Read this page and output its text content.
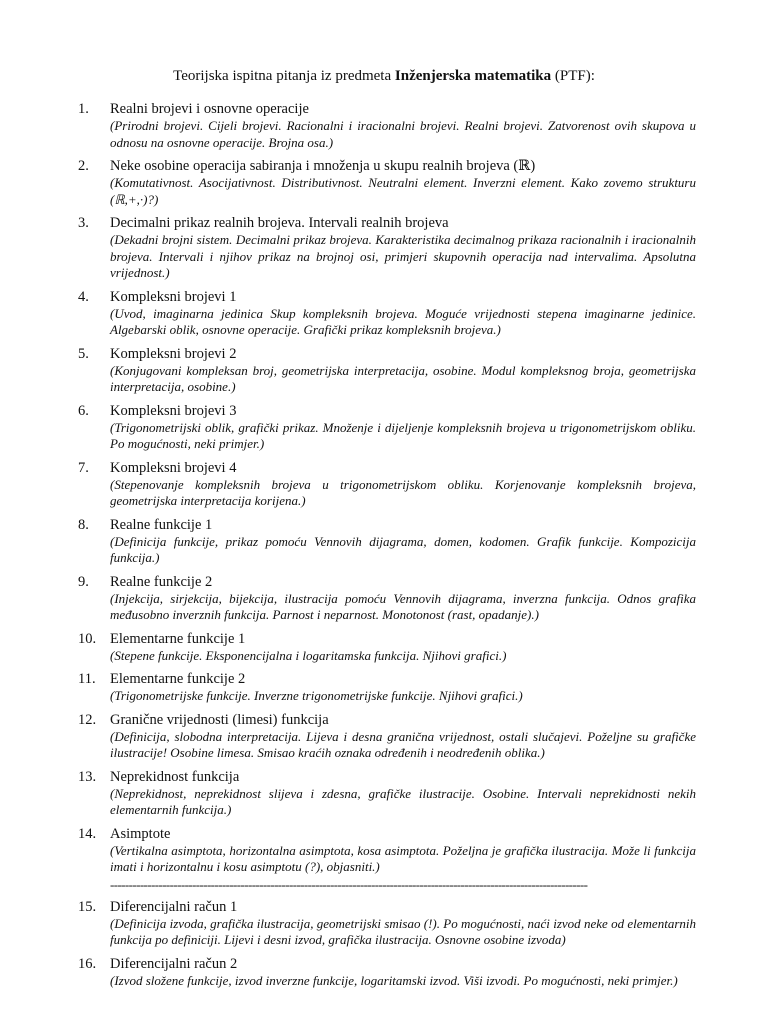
Teorijska ispitna pitanja iz predmeta Inženjerska matematika (PTF):
1.	Realni brojevi i osnovne operacije
(Prirodni brojevi. Cijeli brojevi. Racionalni i iracionalni brojevi. Realni brojevi. Zatvorenost ovih skupova u odnosu na osnovne operacije. Brojna osa.)
2.	Neke osobine operacija sabiranja i množenja u skupu realnih brojeva (ℝ)
(Komutativnost. Asocijativnost. Distributivnost. Neutralni element. Inverzni element. Kako zovemo strukturu (ℝ,+,·)?)
3.	Decimalni prikaz realnih brojeva. Intervali realnih brojeva
(Dekadni brojni sistem. Decimalni prikaz brojeva. Karakteristika decimalnog prikaza racionalnih i iracionalnih brojeva. Intervali i njihov prikaz na brojnoj osi, primjeri skupovnih operacija nad intervalima. Apsolutna vrijednost.)
4.	Kompleksni brojevi 1
(Uvod, imaginarna jedinica Skup kompleksnih brojeva. Moguće vrijednosti stepena imaginarne jedinice. Algebarski oblik, osnovne operacije. Grafički prikaz kompleksnih brojeva.)
5.	Kompleksni brojevi 2
(Konjugovani kompleksan broj, geometrijska interpretacija, osobine. Modul kompleksnog broja, geometrijska interpretacija, osobine.)
6.	Kompleksni brojevi 3
(Trigonometrijski oblik, grafički prikaz. Množenje i dijeljenje kompleksnih brojeva u trigonometrijskom obliku. Po mogućnosti, neki primjer.)
7.	Kompleksni brojevi 4
(Stepenovanje kompleksnih brojeva u trigonometrijskom obliku. Korjenovanje kompleksnih brojeva, geometrijska interpretacija korijena.)
8.	Realne funkcije 1
(Definicija funkcije, prikaz pomoću Vennovih dijagrama, domen, kodomen. Grafik funkcije. Kompozicija funkcija.)
9.	Realne funkcije 2
(Injekcija, sirjekcija, bijekcija, ilustracija pomoću Vennovih dijagrama, inverzna funkcija. Odnos grafika međusobno inverznih funkcija. Parnost i neparnost. Monotonost (rast, opadanje).)
10. Elementarne funkcije 1
(Stepene funkcije. Eksponencijalna i logaritamska funkcija. Njihovi grafici.)
11. Elementarne funkcije 2
(Trigonometrijske funkcije. Inverzne trigonometrijske funkcije. Njihovi grafici.)
12. Granične vrijednosti (limesi) funkcija
(Definicija, slobodna interpretacija. Lijeva i desna granična vrijednost, ostali slučajevi. Poželjne su grafičke ilustracije! Osobine limesa. Smisao kraćih oznaka određenih i neodređenih oblika.)
13. Neprekidnost funkcija
(Neprekidnost, neprekidnost slijeva i zdesna, grafičke ilustracije. Osobine. Intervali neprekidnosti nekih elementarnih funkcija.)
14. Asimptote
(Vertikalna asimptota, horizontalna asimptota, kosa asimptota. Poželjna je grafička ilustracija. Može li funkcija imati i horizontalnu i kosu asimptotu (?), objasniti.)
--------------------------------------------------------------------------------------------------------------------------------
15. Diferencijalni račun 1
(Definicija izvoda, grafička ilustracija, geometrijski smisao (!). Po mogućnosti, naći izvod neke od elementarnih funkcija po definiciji. Lijevi i desni izvod, grafička ilustracija. Osnovne osobine izvoda)
16. Diferencijalni račun 2
(Izvod složene funkcije, izvod inverzne funkcije, logaritamski izvod. Viši izvodi. Po mogućnosti, neki primjer.)
